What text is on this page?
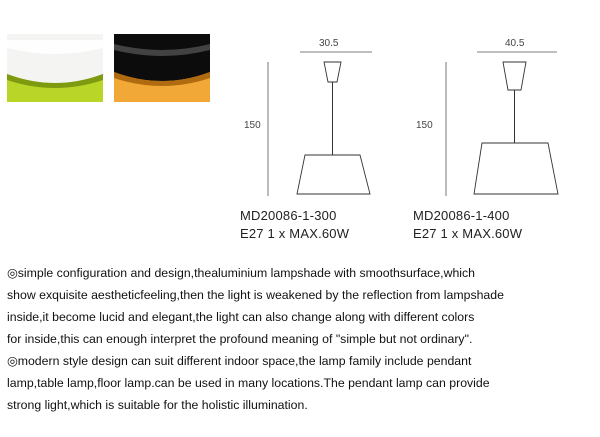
30.5
150
40.5
150
MD20086-1-300
E27 1 x MAX.60W
MD20086-1-400
E27 1 x MAX.60W

◎simple configuration and design,thealuminium lampshade with smoothsurface,which

show exquisite aestheticfeeling,then the light is weakened by the reflection from lampshade

inside,it become lucid and elegant,the light can also change along with different colors

for inside,this can enough interpret the profound meaning of "simple but not ordinary".

◎modern style design can suit different indoor space,the lamp family include pendant

lamp,table lamp,floor lamp.can be used in many locations.The pendant lamp can provide

strong light,which is suitable for the holistic illumination.
